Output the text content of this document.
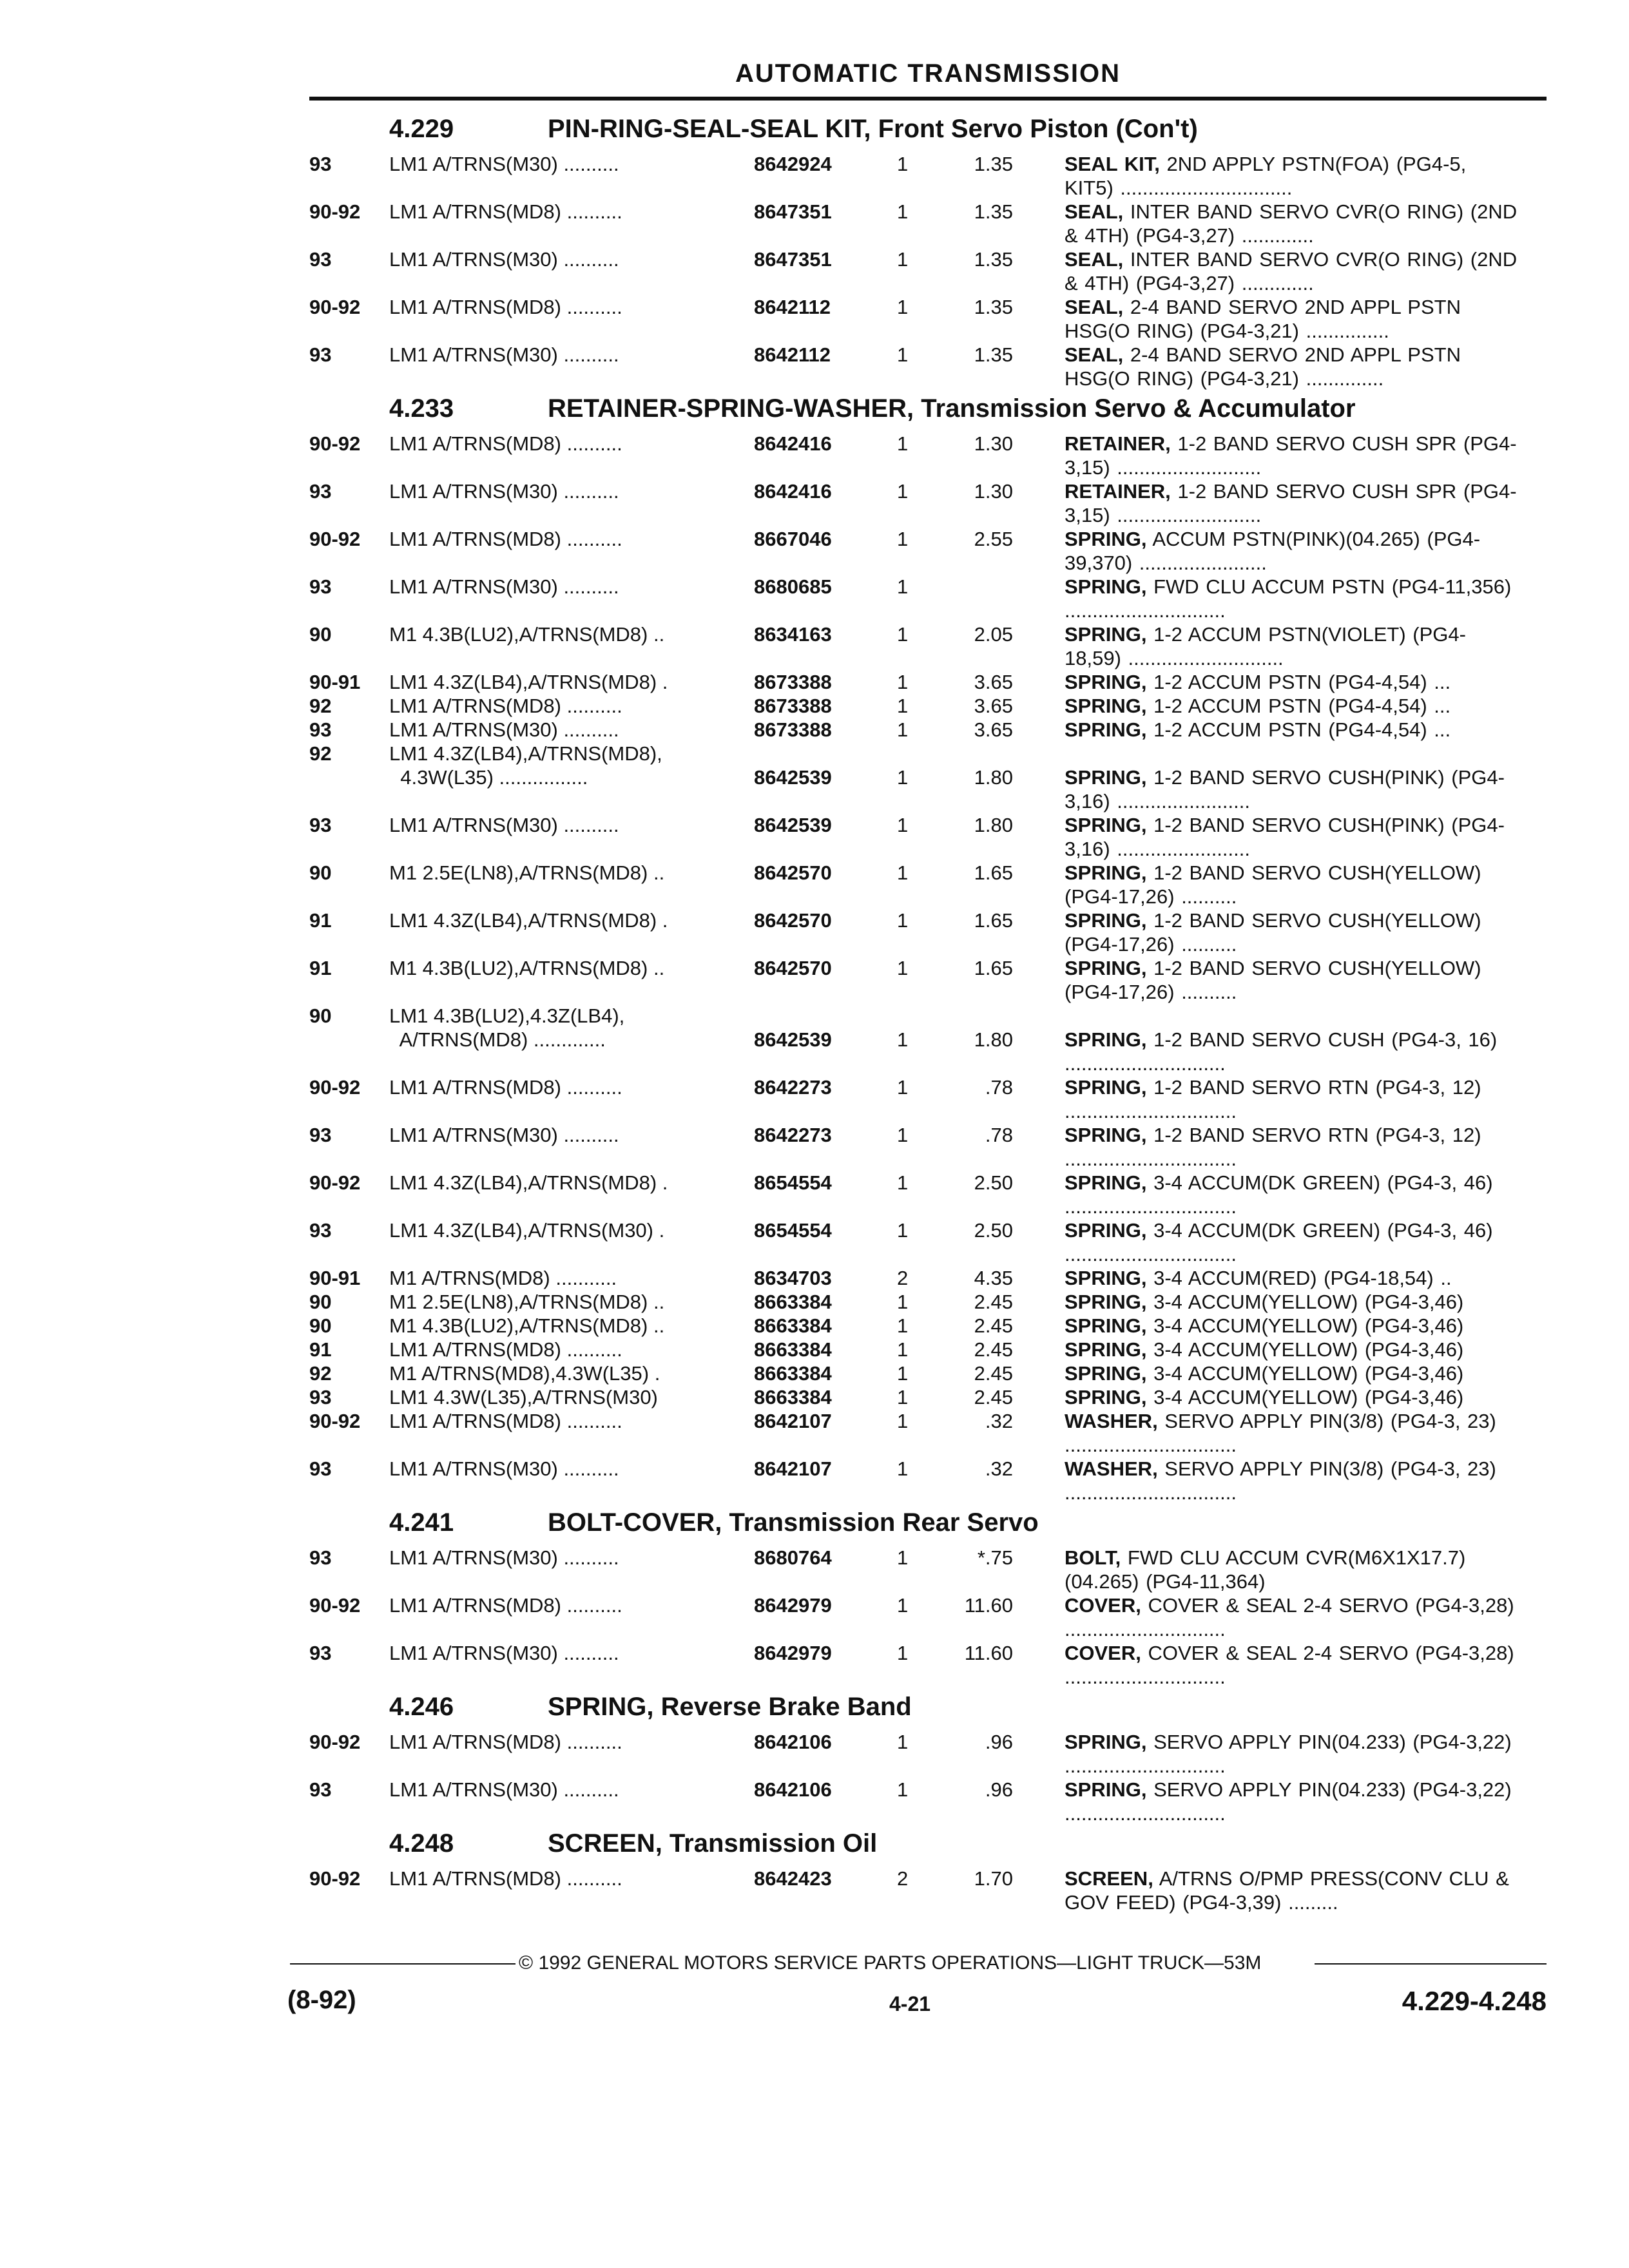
AUTOMATIC TRANSMISSION
4.229	PIN-RING-SEAL-SEAL KIT, Front Servo Piston (Con't)
93	LM1 A/TRNS(M30) ..........	8642924	1	1.35	SEAL KIT, 2ND APPLY PSTN(FOA) (PG4-5, KIT5) ...............................
90-92 LM1 A/TRNS(MD8) ..........	8647351	1	1.35	SEAL, INTER BAND SERVO CVR(O RING) (2ND & 4TH) (PG4-3,27) .............
93	LM1 A/TRNS(M30) ..........	8647351	1	1.35	SEAL, INTER BAND SERVO CVR(O RING) (2ND & 4TH) (PG4-3,27) .............
90-92 LM1 A/TRNS(MD8) ..........	8642112	1	1.35	SEAL, 2-4 BAND SERVO 2ND APPL PSTN HSG(O RING) (PG4-3,21) ...............
93	LM1 A/TRNS(M30) ..........	8642112	1	1.35	SEAL, 2-4 BAND SERVO 2ND APPL PSTN HSG(O RING) (PG4-3,21) ..............
4.233	RETAINER-SPRING-WASHER, Transmission Servo & Accumulator
90-92 LM1 A/TRNS(MD8) ..........	8642416	1	1.30	RETAINER, 1-2 BAND SERVO CUSH SPR (PG4-3,15) ..........................
93	LM1 A/TRNS(M30) ..........	8642416	1	1.30	RETAINER, 1-2 BAND SERVO CUSH SPR (PG4-3,15) ..........................
90-92 LM1 A/TRNS(MD8) ..........	8667046	1	2.55	SPRING, ACCUM PSTN(PINK)(04.265) (PG4-39,370) .......................
93	LM1 A/TRNS(M30) ..........	8680685	1	SPRING, FWD CLU ACCUM PSTN (PG4-11,356) .............................
90	M1 4.3B(LU2),A/TRNS(MD8) ..	8634163	1	2.05	SPRING, 1-2 ACCUM PSTN(VIOLET) (PG4-18,59) ............................
90-91 LM1 4.3Z(LB4),A/TRNS(MD8) .	8673388	1	3.65	SPRING, 1-2 ACCUM PSTN (PG4-4,54) ...
92	LM1 A/TRNS(MD8) ..........	8673388	1	3.65	SPRING, 1-2 ACCUM PSTN (PG4-4,54) ...
93	LM1 A/TRNS(M30) ..........	8673388	1	3.65	SPRING, 1-2 ACCUM PSTN (PG4-4,54) ...
92	LM1 4.3Z(LB4),A/TRNS(MD8),
4.3W(L35) ................	8642539	1	1.80	SPRING, 1-2 BAND SERVO CUSH(PINK) (PG4-3,16) ........................
93	LM1 A/TRNS(M30) ..........	8642539	1	1.80	SPRING, 1-2 BAND SERVO CUSH(PINK) (PG4-3,16) ........................
90	M1 2.5E(LN8),A/TRNS(MD8) ..	8642570	1	1.65	SPRING, 1-2 BAND SERVO CUSH(YELLOW) (PG4-17,26) ..........
91	LM1 4.3Z(LB4),A/TRNS(MD8) .	8642570	1	1.65	SPRING, 1-2 BAND SERVO CUSH(YELLOW) (PG4-17,26) ..........
91	M1 4.3B(LU2),A/TRNS(MD8) ..	8642570	1	1.65	SPRING, 1-2 BAND SERVO CUSH(YELLOW) (PG4-17,26) ..........
90	LM1 4.3B(LU2),4.3Z(LB4),
A/TRNS(MD8) .............	8642539	1	1.80	SPRING, 1-2 BAND SERVO CUSH (PG4-3, 16) .............................
90-92 LM1 A/TRNS(MD8) ..........	8642273	1	.78	SPRING, 1-2 BAND SERVO RTN (PG4-3, 12) ...............................
93	LM1 A/TRNS(M30) ..........	8642273	1	.78	SPRING, 1-2 BAND SERVO RTN (PG4-3, 12) ...............................
90-92 LM1 4.3Z(LB4),A/TRNS(MD8) .	8654554	1	2.50	SPRING, 3-4 ACCUM(DK GREEN) (PG4-3, 46) ...............................
93	LM1 4.3Z(LB4),A/TRNS(M30) .	8654554	1	2.50	SPRING, 3-4 ACCUM(DK GREEN) (PG4-3, 46) ...............................
90-91 M1 A/TRNS(MD8) ...........	8634703	2	4.35	SPRING, 3-4 ACCUM(RED) (PG4-18,54) ..
90	M1 2.5E(LN8),A/TRNS(MD8) ..	8663384	1	2.45	SPRING, 3-4 ACCUM(YELLOW) (PG4-3,46)
90	M1 4.3B(LU2),A/TRNS(MD8) ..	8663384	1	2.45	SPRING, 3-4 ACCUM(YELLOW) (PG4-3,46)
91	LM1 A/TRNS(MD8) ..........	8663384	1	2.45	SPRING, 3-4 ACCUM(YELLOW) (PG4-3,46)
92	M1 A/TRNS(MD8),4.3W(L35) .	8663384	1	2.45	SPRING, 3-4 ACCUM(YELLOW) (PG4-3,46)
93	LM1 4.3W(L35),A/TRNS(M30)	8663384	1	2.45	SPRING, 3-4 ACCUM(YELLOW) (PG4-3,46)
90-92 LM1 A/TRNS(MD8) ..........	8642107	1	.32	WASHER, SERVO APPLY PIN(3/8) (PG4-3, 23) ...............................
93	LM1 A/TRNS(M30) ..........	8642107	1	.32	WASHER, SERVO APPLY PIN(3/8) (PG4-3, 23) ...............................
4.241	BOLT-COVER, Transmission Rear Servo
93	LM1 A/TRNS(M30) ..........	8680764	1	*.75	BOLT, FWD CLU ACCUM CVR(M6X1X17.7)(04.265) (PG4-11,364)
90-92 LM1 A/TRNS(MD8) ..........	8642979	1	11.60	COVER, COVER & SEAL 2-4 SERVO (PG4-3,28) .............................
93	LM1 A/TRNS(M30) ..........	8642979	1	11.60	COVER, COVER & SEAL 2-4 SERVO (PG4-3,28) .............................
4.246	SPRING, Reverse Brake Band
90-92 LM1 A/TRNS(MD8) ..........	8642106	1	.96	SPRING, SERVO APPLY PIN(04.233) (PG4-3,22) .............................
93	LM1 A/TRNS(M30) ..........	8642106	1	.96	SPRING, SERVO APPLY PIN(04.233) (PG4-3,22) .............................
4.248	SCREEN, Transmission Oil
90-92 LM1 A/TRNS(MD8) ..........	8642423	2	1.70	SCREEN, A/TRNS O/PMP PRESS(CONV CLU & GOV FEED) (PG4-3,39) .........
© 1992 GENERAL MOTORS SERVICE PARTS OPERATIONS—LIGHT TRUCK—53M
(8-92)	4-21	4.229-4.248
